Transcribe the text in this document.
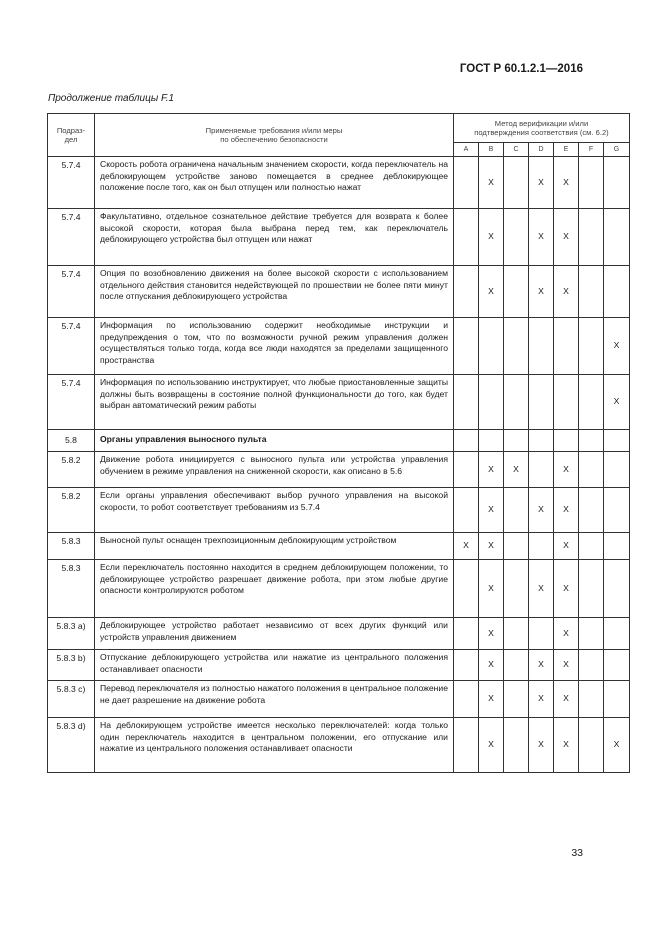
ГОСТ Р 60.1.2.1—2016
Продолжение таблицы F.1
Подраз-
дел	Применяемые требования и/или меры
по обеспечению безопасности	Метод верификации и/или
подтверждения соответствия (см. 6.2)						
		A	B	C	D	E	F	G
5.7.4	Скорость робота ограничена начальным значением скорости, когда переключатель на деблокирующем устройстве заново помещается в среднее деблокирующее положение после того, как он был отпущен или полностью нажат		X		X	X		
5.7.4	Факультативно, отдельное сознательное действие требуется для возврата к более высокой скорости, которая была выбрана перед тем, как переключатель деблокирующего устройства был отпущен или нажат		X		X	X		
5.7.4	Опция по возобновлению движения на более высокой скорости с использованием отдельного действия становится недействующей по прошествии не более пяти минут после отпускания деблокирующего устройства		X		X	X		
5.7.4	Информация по использованию содержит необходимые инструкции и предупреждения о том, что по возможности ручной режим управления должен осуществляться только тогда, когда все люди находятся за пределами защищенного пространства							X
5.7.4	Информация по использованию инструктирует, что любые приостановленные защиты должны быть возвращены в состояние полной функциональности до того, как будет выбран автоматический режим работы							X
5.8	Органы управления выносного пульта							
5.8.2	Движение робота инициируется с выносного пульта или устройства управления обучением в режиме управления на сниженной скорости, как описано в 5.6		X	X		X		
5.8.2	Если органы управления обеспечивают выбор ручного управления на высокой скорости, то робот соответствует требованиям из 5.7.4		X		X	X		
5.8.3	Выносной пульт оснащен трехпозиционным деблокирующим устройством	X	X			X		
5.8.3	Если переключатель постоянно находится в среднем деблокирующем положении, то деблокирующее устройство разрешает движение робота, при этом любые другие опасности контролируются роботом		X		X	X		
5.8.3 a)	Деблокирующее устройство работает независимо от всех других функций или устройств управления движением		X			X		
5.8.3 b)	Отпускание деблокирующего устройства или нажатие из центрального положения останавливает опасности		X		X	X		
5.8.3 c)	Перевод переключателя из полностью нажатого положения в центральное положение не дает разрешение на движение робота		X		X	X		
5.8.3 d)	На деблокирующем устройстве имеется несколько переключателей: когда только один переключатель находится в центральном положении, его отпускание или нажатие из центрального положения останавливает опасности		X		X	X		X
33
